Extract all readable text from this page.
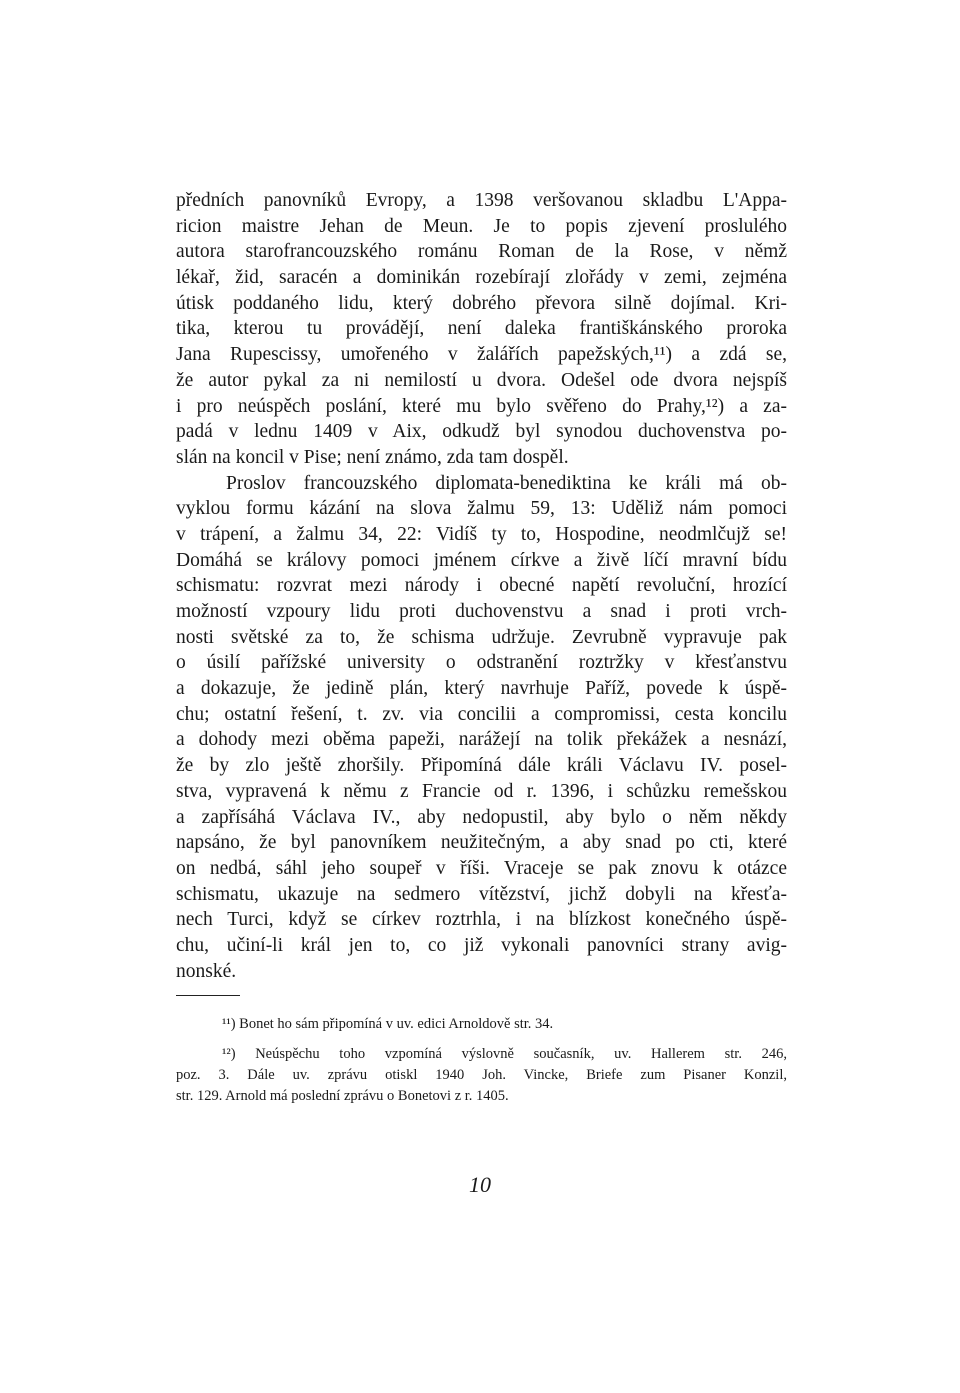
předních panovníků Evropy, a 1398 veršovanou skladbu L'Appa-
ricion maistre Jehan de Meun. Je to popis zjevení proslulého
autora starofrancouzského románu Roman de la Rose, v němž
lékař, žid, saracén a dominikán rozebírají zlořády v zemi, zejména
útisk poddaného lidu, který dobrého převora silně dojímal. Kri-
tika, kterou tu provádějí, není daleka františkánského proroka
Jana Rupescissy, umořeného v žalářích papežských,¹¹) a zdá se,
že autor pykal za ni nemilostí u dvora. Odešel ode dvora nejspíš
i pro neúspěch poslání, které mu bylo svěřeno do Prahy,¹²) a za-
padá v lednu 1409 v Aix, odkudž byl synodou duchovenstva po-
slán na koncil v Pise; není známo, zda tam dospěl.
Proslov francouzského diplomata-benediktina ke králi má ob-
vyklou formu kázání na slova žalmu 59, 13: Uděliž nám pomoci
v trápení, a žalmu 34, 22: Vidíš ty to, Hospodine, neodmlčujž se!
Domáhá se královy pomoci jménem církve a živě líčí mravní bídu
schismatu: rozvrat mezi národy i obecné napětí revoluční, hrozící
možností vzpoury lidu proti duchovenstvu a snad i proti vrch-
nosti světské za to, že schisma udržuje. Zevrubně vypravuje pak
o úsilí pařížské university o odstranění roztržky v křesťanstvu
a dokazuje, že jedině plán, který navrhuje Paříž, povede k úspě-
chu; ostatní řešení, t. zv. via concilii a compromissi, cesta koncilu
a dohody mezi oběma papeži, narážejí na tolik překážek a nesnází,
že by zlo ještě zhoršily. Připomíná dále králi Václavu IV. posel-
stva, vypravená k němu z Francie od r. 1396, i schůzku remešskou
a zapřísáhá Václava IV., aby nedopustil, aby bylo o něm někdy
napsáno, že byl panovníkem neužitečným, a aby snad po cti, které
on nedbá, sáhl jeho soupeř v říši. Vraceje se pak znovu k otázce
schismatu, ukazuje na sedmero vítězství, jichž dobyli na křesťa-
nech Turci, když se církev roztrhla, i na blízkost konečného úspě-
chu, učiní-li král jen to, co již vykonali panovníci strany avig-
nonské.
¹¹) Bonet ho sám připomíná v uv. edici Arnoldově str. 34.
¹²) Neúspěchu toho vzpomíná výslovně současník, uv. Hallerem str. 246,
poz. 3. Dále uv. zprávu otiskl 1940 Joh. Vincke, Briefe zum Pisaner Konzil,
str. 129. Arnold má poslední zprávu o Bonetovi z r. 1405.
10
